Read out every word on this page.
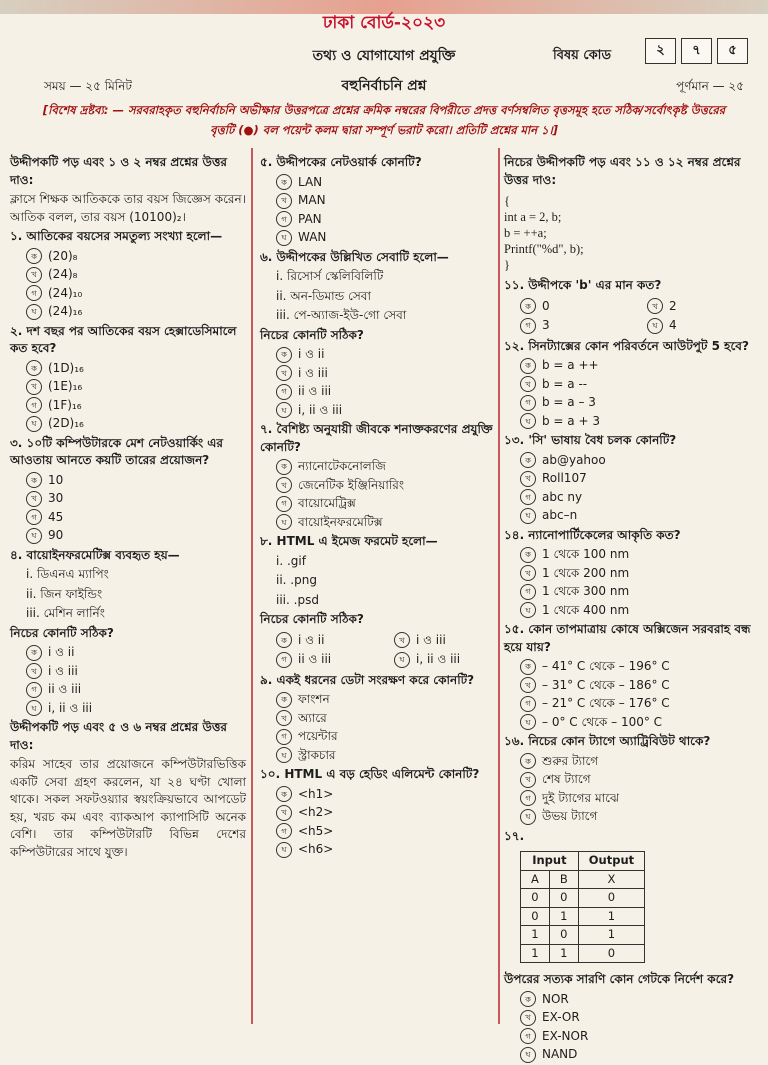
ঢাকা বোর্ড-২০২৩
তথ্য ও যোগাযোগ প্রযুক্তি
বহুনির্বাচনি প্রশ্ন
সময় — ২৫ মিনিট	পূর্ণমান — ২৫
বিষয় কোড	২	৭	৫
[বিশেষ দ্রষ্টব্য: — সরবরাহকৃত বহুনির্বাচনি অভীক্ষার উত্তরপত্রে প্রশ্নের ক্রমিক নম্বরের বিপরীতে প্রদত্ত বর্ণসম্বলিত বৃত্তসমূহ হতে সঠিক/সর্বোৎকৃষ্ট উত্তরের বৃত্তটি (●) বল পয়েন্ট কলম দ্বারা সম্পূর্ণ ভরাট করো। প্রতিটি প্রশ্নের মান ১।]
উদ্দীপকটি পড় এবং ১ ও ২ নম্বর প্রশ্নের উত্তর দাও:
ক্লাসে শিক্ষক আতিককে তার বয়স জিজ্ঞেস করেন। আতিক বলল, তার বয়স (10100)₂।
১. আতিকের বয়সের সমতুল্য সংখ্যা হলো—
ক (20)₈
খ (24)₈
গ (24)₁₀
ঘ (24)₁₆
২. দশ বছর পর আতিকের বয়স হেক্সাডেসিমালে কত হবে?
ক (1D)₁₆
খ (1E)₁₆
গ (1F)₁₆
ঘ (2D)₁₆
৩. ১০টি কম্পিউটারকে মেশ নেটওয়ার্কিং এর আওতায় আনতে কয়টি তারের প্রয়োজন?
ক 10
খ 30
গ 45
ঘ 90
৪. বায়োইনফরমেটিক্স ব্যবহৃত হয়—
i. ডিএনএ ম্যাপিং
ii. জিন ফাইন্ডিং
iii. মেশিন লার্নিং
নিচের কোনটি সঠিক?
ক i ও ii
খ i ও iii
গ ii ও iii
ঘ i, ii ও iii
উদ্দীপকটি পড় এবং ৫ ও ৬ নম্বর প্রশ্নের উত্তর দাও:
করিম সাহেব তার প্রয়োজনে কম্পিউটারভিত্তিক একটি সেবা গ্রহণ করলেন, যা ২৪ ঘণ্টা খোলা থাকে। সকল সফটওয়্যার স্বয়ংক্রিয়ভাবে আপডেট হয়, খরচ কম এবং ব্যাকআপ ক্যাপাসিটি অনেক বেশি। তার কম্পিউটারটি বিভিন্ন দেশের কম্পিউটারের সাথে যুক্ত।
৫. উদ্দীপকের নেটওয়ার্ক কোনটি?
ক LAN
খ MAN
গ PAN
ঘ WAN
৬. উদ্দীপকের উল্লিখিত সেবাটি হলো—
i. রিসোর্স স্কেলিবিলিটি
ii. অন-ডিমান্ড সেবা
iii. পে-অ্যাজ-ইউ-গো সেবা
নিচের কোনটি সঠিক?
ক i ও ii
খ i ও iii
গ ii ও iii
ঘ i, ii ও iii
৭. বৈশিষ্ট্য অনুযায়ী জীবকে শনাক্তকরণের প্রযুক্তি কোনটি?
ক ন্যানোটেকনোলজি
খ জেনেটিক ইঞ্জিনিয়ারিং
গ বায়োমেট্রিক্স
ঘ বায়োইনফরমেটিক্স
৮. HTML এ ইমেজ ফরমেট হলো—
i. .gif
ii. .png
iii. .psd
নিচের কোনটি সঠিক?
ক i ও ii	খ i ও iii
গ ii ও iii	ঘ i, ii ও iii
৯. একই ধরনের ডেটা সংরক্ষণ করে কোনটি?
ক ফাংশন
খ অ্যারে
গ পয়েন্টার
ঘ স্ট্রাকচার
১০. HTML এ বড় হেডিং এলিমেন্ট কোনটি?
ক <h1>
খ <h2>
গ <h5>
ঘ <h6>
নিচের উদ্দীপকটি পড় এবং ১১ ও ১২ নম্বর প্রশ্নের উত্তর দাও:
{
int a = 2, b;
b = ++a;
Printf("%d", b);
}
১১. উদ্দীপকে 'b' এর মান কত?
ক 0	খ 2
গ 3	ঘ 4
১২. সিনট্যাক্সের কোন পরিবর্তনে আউটপুট 5 হবে?
ক b = a ++
খ b = a --
গ b = a – 3
ঘ b = a + 3
১৩. 'সি' ভাষায় বৈধ চলক কোনটি?
ক ab@yahoo
খ Roll107
গ abc ny
ঘ abc–n
১৪. ন্যানোপার্টিকেলের আকৃতি কত?
ক 1 থেকে 100 nm
খ 1 থেকে 200 nm
গ 1 থেকে 300 nm
ঘ 1 থেকে 400 nm
১৫. কোন তাপমাত্রায় কোষে অক্সিজেন সরবরাহ বন্ধ হয়ে যায়?
ক – 41° C থেকে – 196° C
খ – 31° C থেকে – 186° C
গ – 21° C থেকে – 176° C
ঘ – 0° C থেকে – 100° C
১৬. নিচের কোন ট্যাগে অ্যাট্রিবিউট থাকে?
ক শুরুর ট্যাগে
খ শেষ ট্যাগে
গ দুই ট্যাগের মাঝে
ঘ উভয় ট্যাগে
১৭.
Input		Output
A	B	X
0	0	0
0	1	1
1	0	1
1	1	0
উপরের সত্যক সারণি কোন গেটকে নির্দেশ করে?
ক NOR
খ EX-OR
গ EX-NOR
ঘ NAND
